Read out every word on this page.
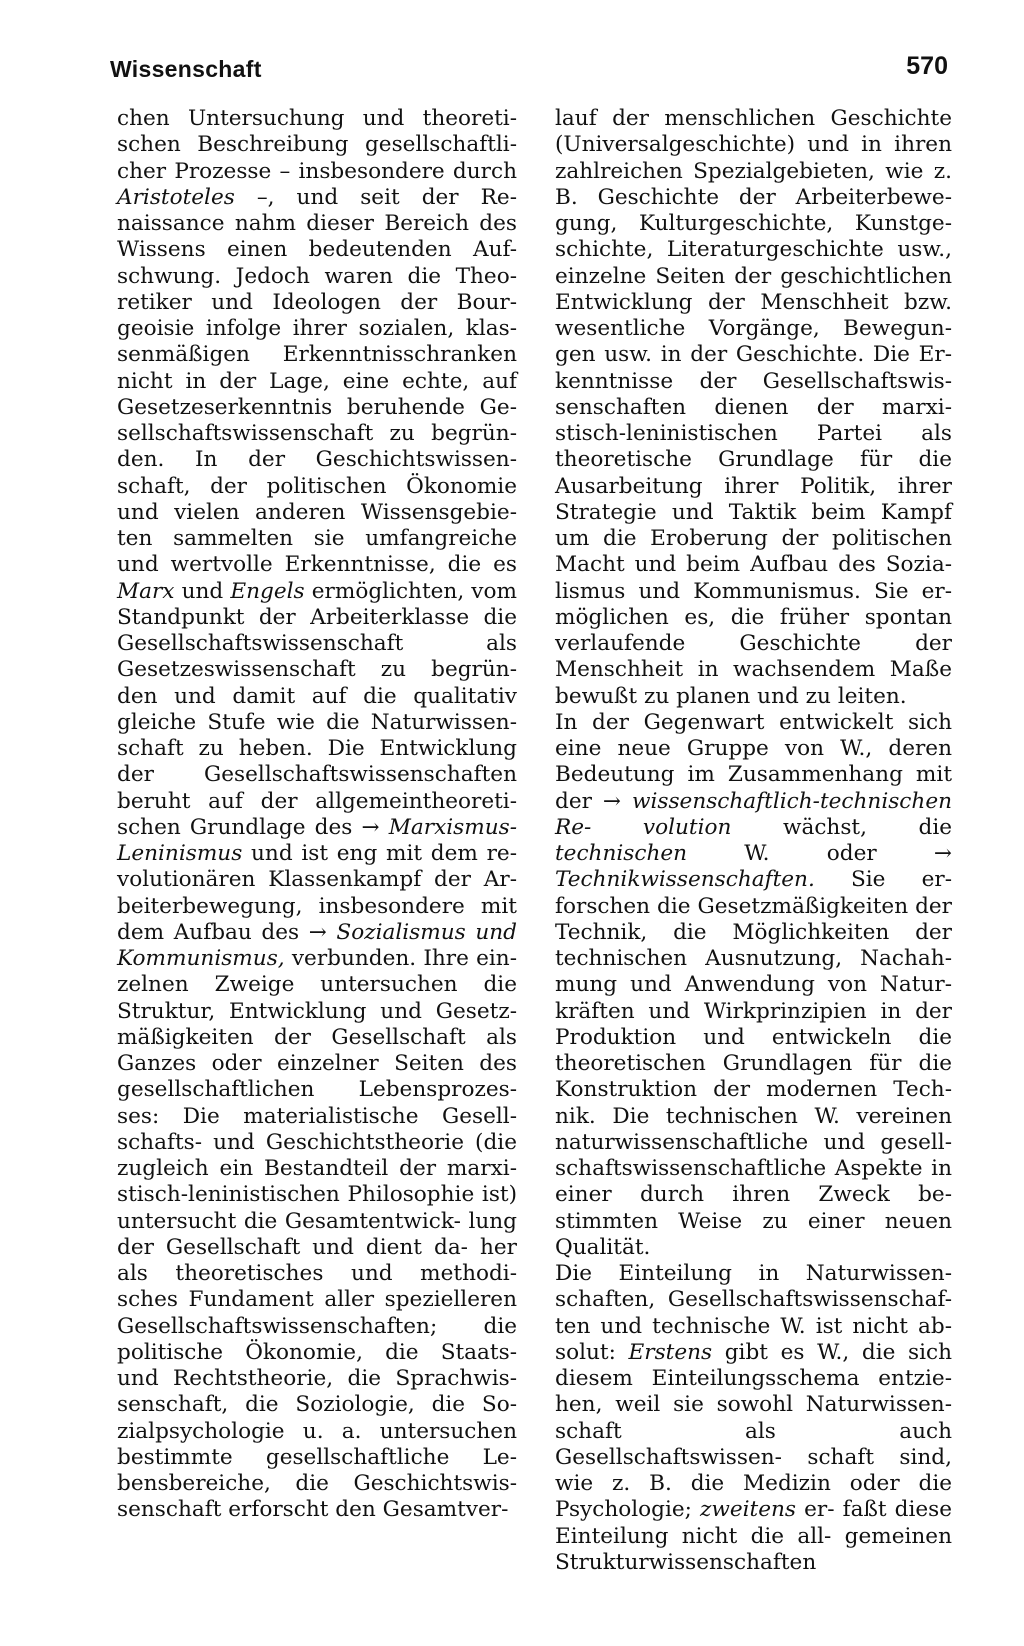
Wissenschaft	570

chen Untersuchung und theoreti- schen Beschreibung gesellschaftli- cher Prozesse – insbesondere durch Aristoteles –, und seit der Re- naissance nahm dieser Bereich des Wissens einen bedeutenden Auf- schwung. Jedoch waren die Theo- retiker und Ideologen der Bour- geoisie infolge ihrer sozialen, klas- senmäßigen Erkenntnisschranken nicht in der Lage, eine echte, auf Gesetzeserkenntnis beruhende Ge- sellschaftswissenschaft zu begrün- den. In der Geschichtswissen- schaft, der politischen Ökonomie und vielen anderen Wissensgebie- ten sammelten sie umfangreiche und wertvolle Erkenntnisse, die es Marx und Engels ermöglichten, vom Standpunkt der Arbeiterklasse die Gesellschaftswissenschaft als Gesetzeswissenschaft zu begrün- den und damit auf die qualitativ gleiche Stufe wie die Naturwissen- schaft zu heben. Die Entwicklung der Gesellschaftswissenschaften beruht auf der allgemeintheoreti- schen Grundlage des → Marxismus- Leninismus und ist eng mit dem re- volutionären Klassenkampf der Ar- beiterbewegung, insbesondere mit dem Aufbau des → Sozialismus und Kommunismus, verbunden. Ihre ein- zelnen Zweige untersuchen die Struktur, Entwicklung und Gesetz- mäßigkeiten der Gesellschaft als Ganzes oder einzelner Seiten des gesellschaftlichen Lebensprozes- ses: Die materialistische Gesell- schafts- und Geschichtstheorie (die zugleich ein Bestandteil der marxi- stisch-leninistischen Philosophie ist) untersucht die Gesamtentwick- lung der Gesellschaft und dient da- her als theoretisches und methodi- sches Fundament aller spezielleren Gesellschaftswissenschaften; die politische Ökonomie, die Staats- und Rechtstheorie, die Sprachwis- senschaft, die Soziologie, die So- zialpsychologie u. a. untersuchen bestimmte gesellschaftliche Le- bensbereiche, die Geschichtswis- senschaft erforscht den Gesamtver-

lauf der menschlichen Geschichte (Universalgeschichte) und in ihren zahlreichen Spezialgebieten, wie z. B. Geschichte der Arbeiterbewe- gung, Kulturgeschichte, Kunstge- schichte, Literaturgeschichte usw., einzelne Seiten der geschichtlichen Entwicklung der Menschheit bzw. wesentliche Vorgänge, Bewegun- gen usw. in der Geschichte. Die Er- kenntnisse der Gesellschaftswis- senschaften dienen der marxi- stisch-leninistischen Partei als theoretische Grundlage für die Ausarbeitung ihrer Politik, ihrer Strategie und Taktik beim Kampf um die Eroberung der politischen Macht und beim Aufbau des Sozia- lismus und Kommunismus. Sie er- möglichen es, die früher spontan verlaufende Geschichte der Menschheit in wachsendem Maße bewußt zu planen und zu leiten.

In der Gegenwart entwickelt sich eine neue Gruppe von W., deren Bedeutung im Zusammenhang mit der → wissenschaftlich-technischen Re- volution wächst, die technischen W. oder → Technikwissenschaften. Sie er- forschen die Gesetzmäßigkeiten der Technik, die Möglichkeiten der technischen Ausnutzung, Nachah- mung und Anwendung von Natur- kräften und Wirkprinzipien in der Produktion und entwickeln die theoretischen Grundlagen für die Konstruktion der modernen Tech- nik. Die technischen W. vereinen naturwissenschaftliche und gesell- schaftswissenschaftliche Aspekte in einer durch ihren Zweck be- stimmten Weise zu einer neuen Qualität.

Die Einteilung in Naturwissen- schaften, Gesellschaftswissenschaf- ten und technische W. ist nicht ab- solut: Erstens gibt es W., die sich diesem Einteilungsschema entzie- hen, weil sie sowohl Naturwissen- schaft als auch Gesellschaftswissen- schaft sind, wie z. B. die Medizin oder die Psychologie; zweitens er- faßt diese Einteilung nicht die all- gemeinen Strukturwissenschaften
